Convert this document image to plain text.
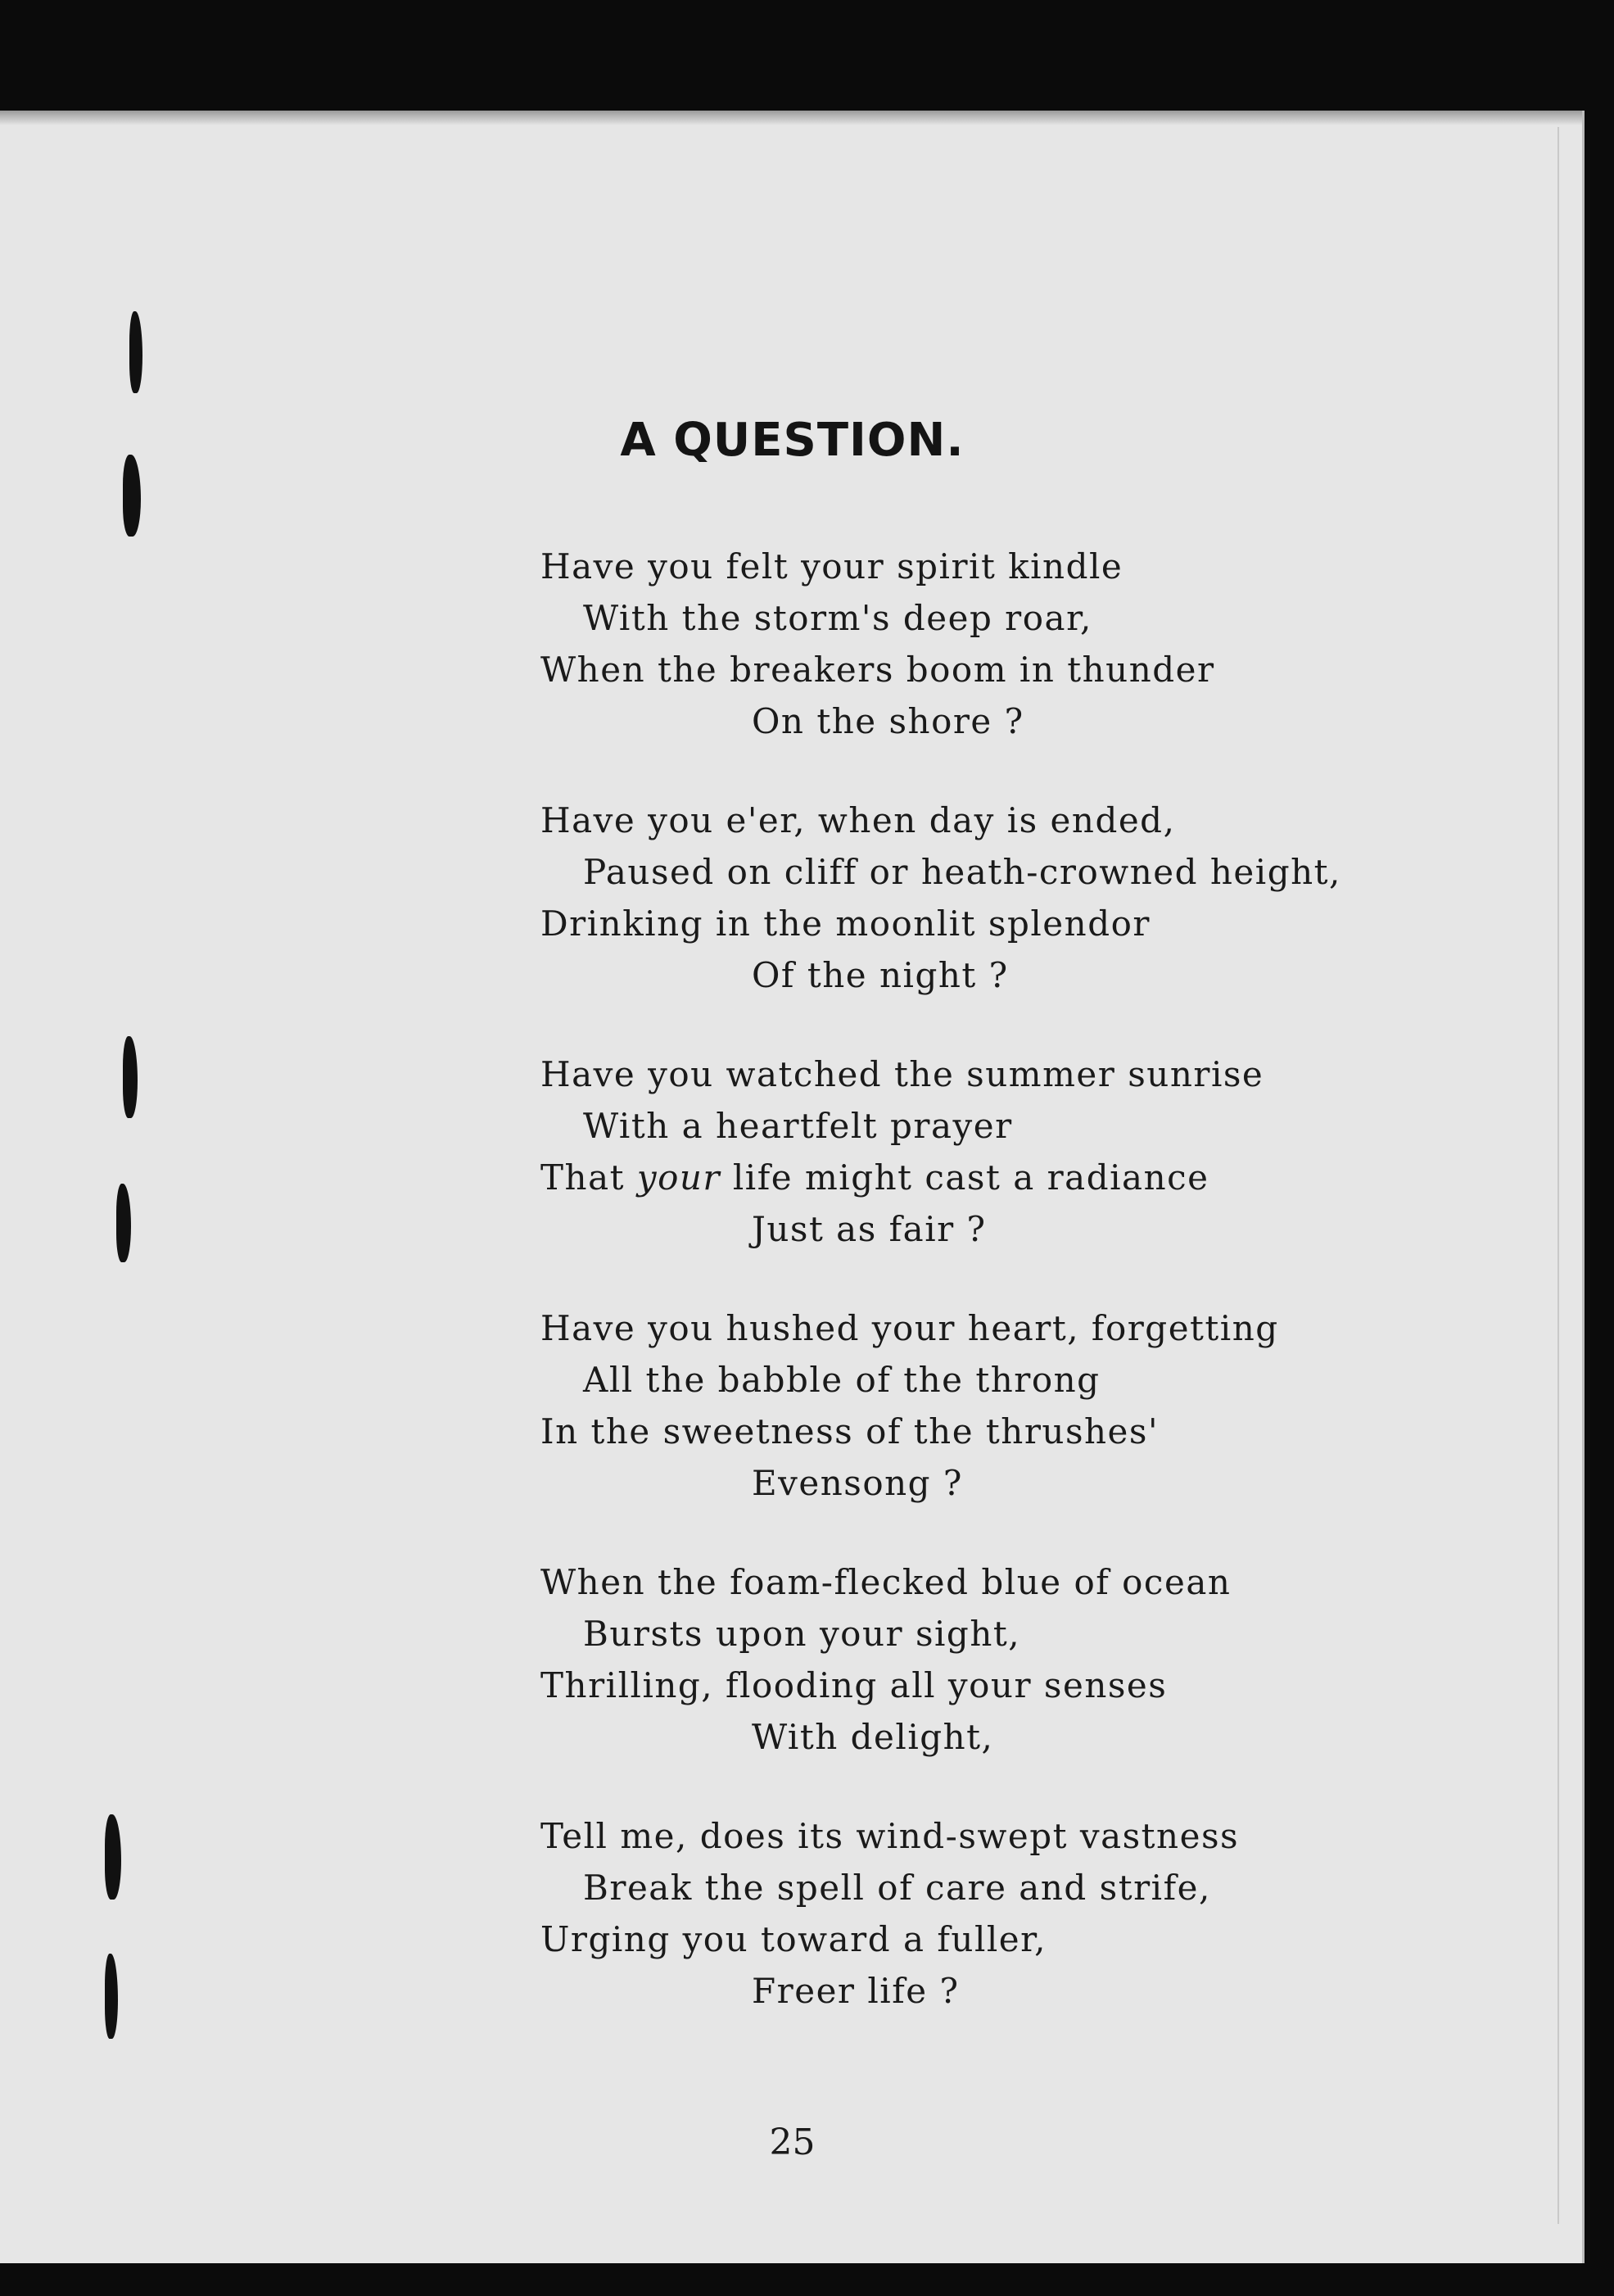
A QUESTION.
Have you felt your spirit kindle
With the storm's deep roar,
When the breakers boom in thunder
On the shore ?
Have you e'er, when day is ended,
Paused on cliff or heath-crowned height,
Drinking in the moonlit splendor
Of the night ?
Have you watched the summer sunrise
With a heartfelt prayer
That your life might cast a radiance
Just as fair ?
Have you hushed your heart, forgetting
All the babble of the throng
In the sweetness of the thrushes'
Evensong ?
When the foam-flecked blue of ocean
Bursts upon your sight,
Thrilling, flooding all your senses
With delight,
Tell me, does its wind-swept vastness
Break the spell of care and strife,
Urging you toward a fuller,
Freer life ?
25
